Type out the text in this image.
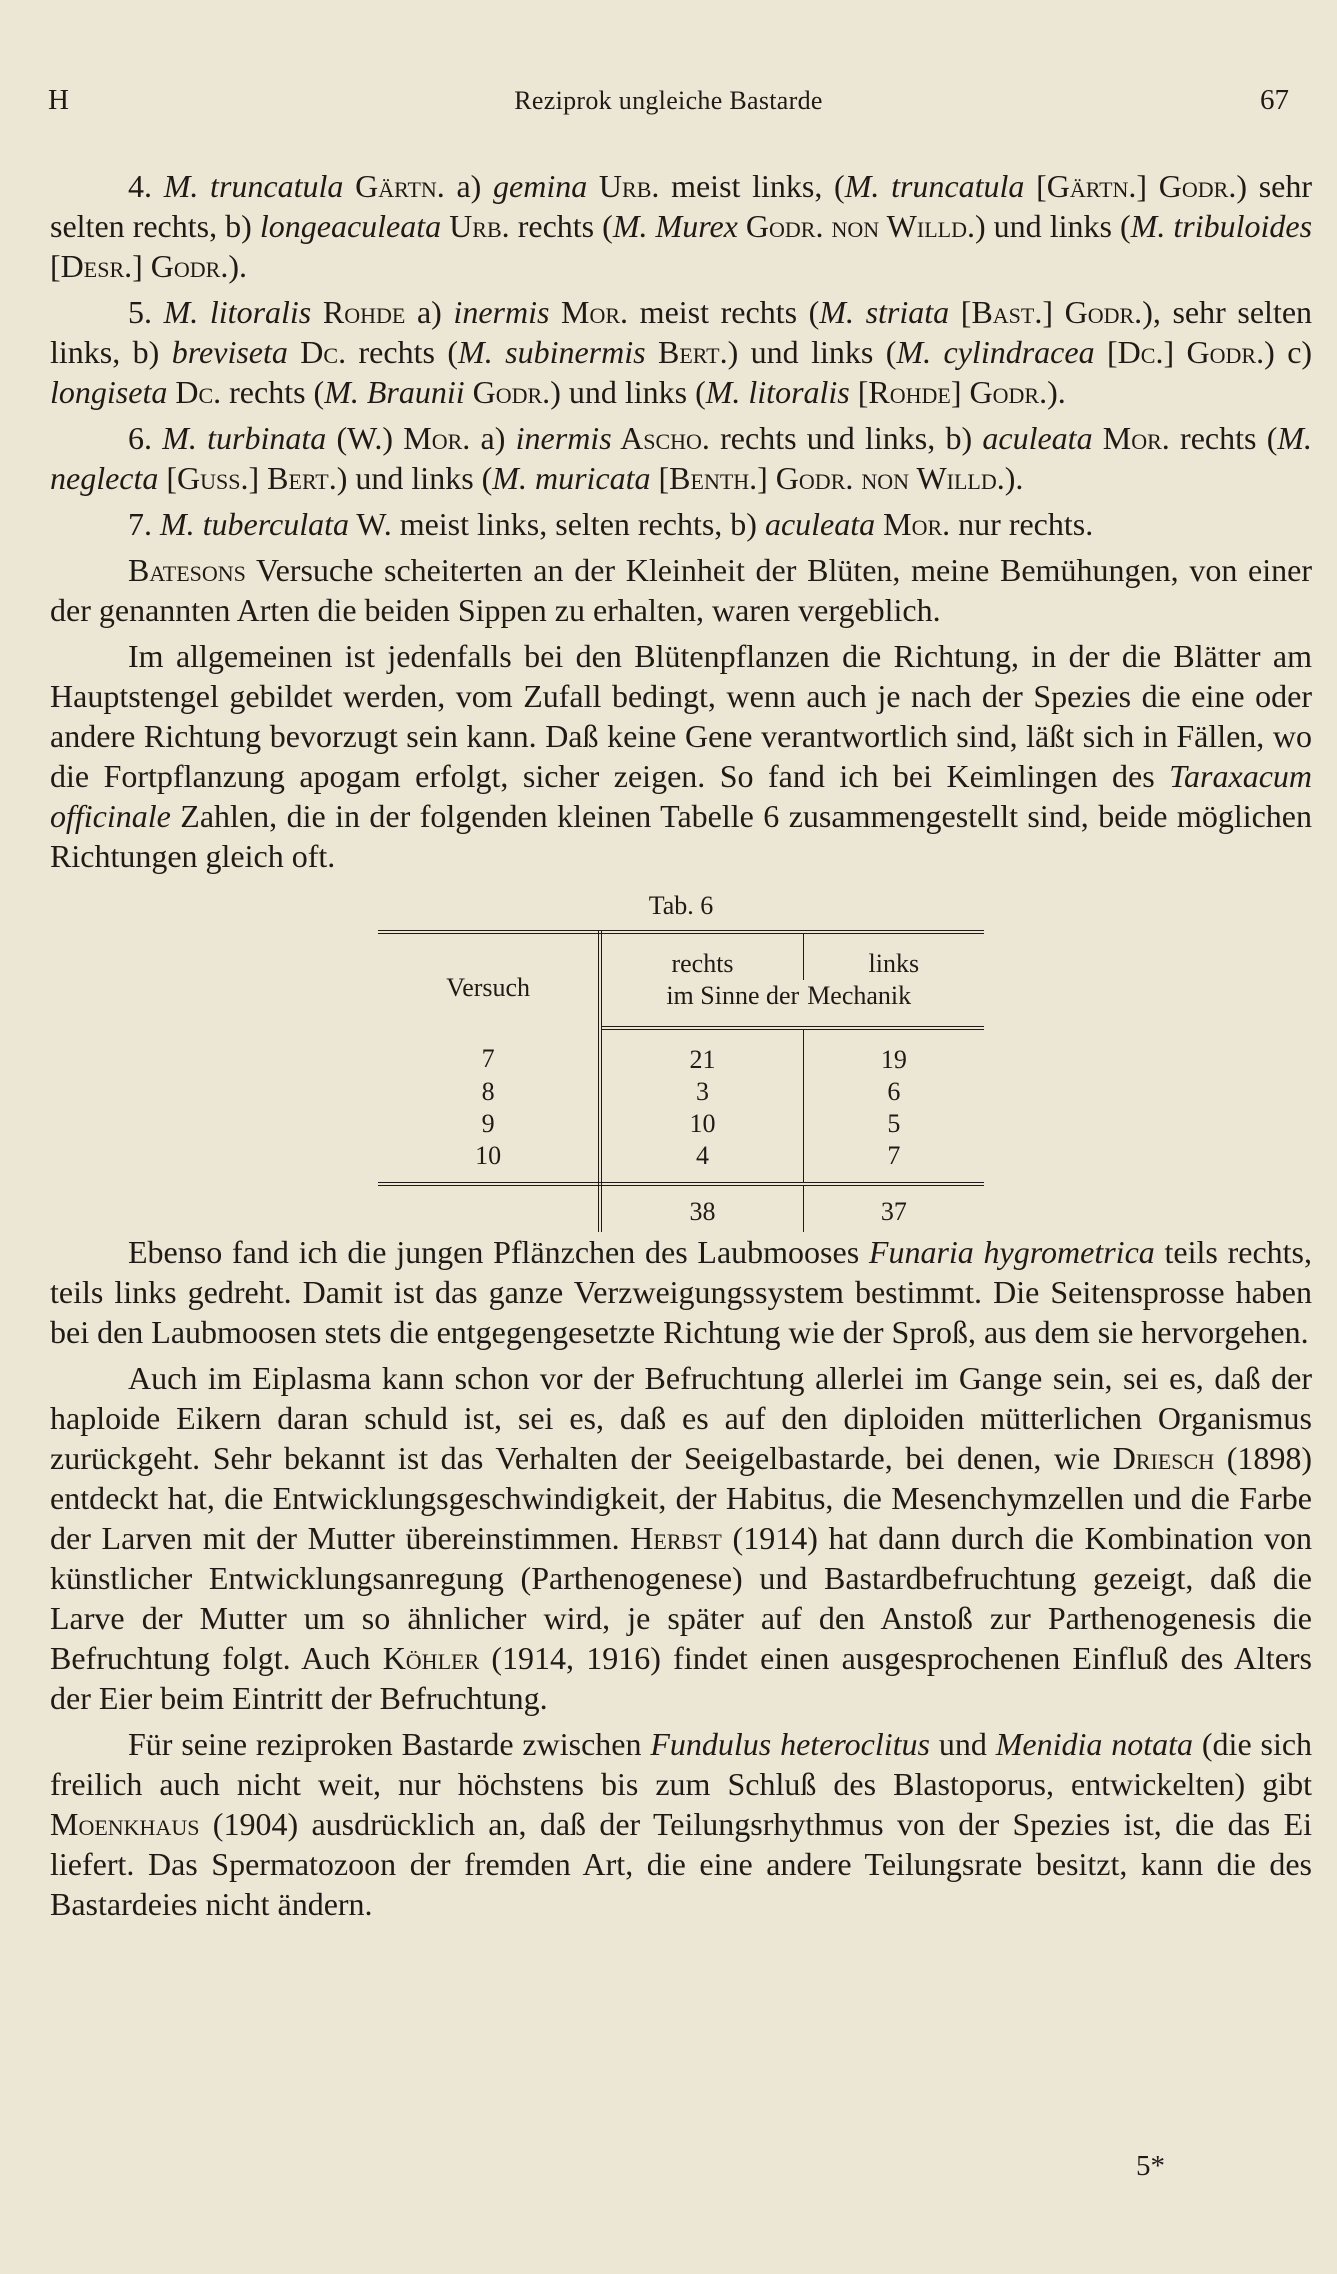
H	Reziprok ungleiche Bastarde	67

4. M. truncatula Gärtn. a) gemina Urb. meist links, (M. truncatula [Gärtn.] Godr.) sehr selten rechts, b) longeaculeata Urb. rechts (M. Murex Godr. non Willd.) und links (M. tribuloides [Desr.] Godr.).

5. M. litoralis Rohde a) inermis Mor. meist rechts (M. striata [Bast.] Godr.), sehr selten links, b) breviseta Dc. rechts (M. subinermis Bert.) und links (M. cylindracea [Dc.] Godr.) c) longiseta Dc. rechts (M. Braunii Godr.) und links (M. litoralis [Rohde] Godr.).

6. M. turbinata (W.) Mor. a) inermis Ascho. rechts und links, b) aculeata Mor. rechts (M. neglecta [Guss.] Bert.) und links (M. muricata [Benth.] Godr. non Willd.).

7. M. tuberculata W. meist links, selten rechts, b) aculeata Mor. nur rechts.

Batesons Versuche scheiterten an der Kleinheit der Blüten, meine Bemühungen, von einer der genannten Arten die beiden Sippen zu erhalten, waren vergeblich.

Im allgemeinen ist jedenfalls bei den Blütenpflanzen die Richtung, in der die Blätter am Hauptstengel gebildet werden, vom Zufall bedingt, wenn auch je nach der Spezies die eine oder andere Richtung bevorzugt sein kann. Daß keine Gene verantwortlich sind, läßt sich in Fällen, wo die Fortpflanzung apogam erfolgt, sicher zeigen. So fand ich bei Keimlingen des Taraxacum officinale Zahlen, die in der folgenden kleinen Tabelle 6 zusammengestellt sind, beide möglichen Richtungen gleich oft.

Tab. 6
Versuch	rechts	links
	im Sinne der	Mechanik
7	21	19
8	3	6
9	10	5
10	4	7
	38	37

Ebenso fand ich die jungen Pflänzchen des Laubmooses Funaria hygrometrica teils rechts, teils links gedreht. Damit ist das ganze Verzweigungssystem bestimmt. Die Seitensprosse haben bei den Laubmoosen stets die entgegengesetzte Richtung wie der Sproß, aus dem sie hervorgehen.

Auch im Eiplasma kann schon vor der Befruchtung allerlei im Gange sein, sei es, daß der haploide Eikern daran schuld ist, sei es, daß es auf den diploiden mütterlichen Organismus zurückgeht. Sehr bekannt ist das Verhalten der Seeigelbastarde, bei denen, wie Driesch (1898) entdeckt hat, die Entwicklungsgeschwindigkeit, der Habitus, die Mesenchymzellen und die Farbe der Larven mit der Mutter übereinstimmen. Herbst (1914) hat dann durch die Kombination von künstlicher Entwicklungsanregung (Parthenogenese) und Bastardbefruchtung gezeigt, daß die Larve der Mutter um so ähnlicher wird, je später auf den Anstoß zur Parthenogenesis die Befruchtung folgt. Auch Köhler (1914, 1916) findet einen ausgesprochenen Einfluß des Alters der Eier beim Eintritt der Befruchtung.

Für seine reziproken Bastarde zwischen Fundulus heteroclitus und Menidia notata (die sich freilich auch nicht weit, nur höchstens bis zum Schluß des Blastoporus, entwickelten) gibt Moenkhaus (1904) ausdrücklich an, daß der Teilungsrhythmus von der Spezies ist, die das Ei liefert. Das Spermatozoon der fremden Art, die eine andere Teilungsrate besitzt, kann die des Bastardeies nicht ändern.

5*
